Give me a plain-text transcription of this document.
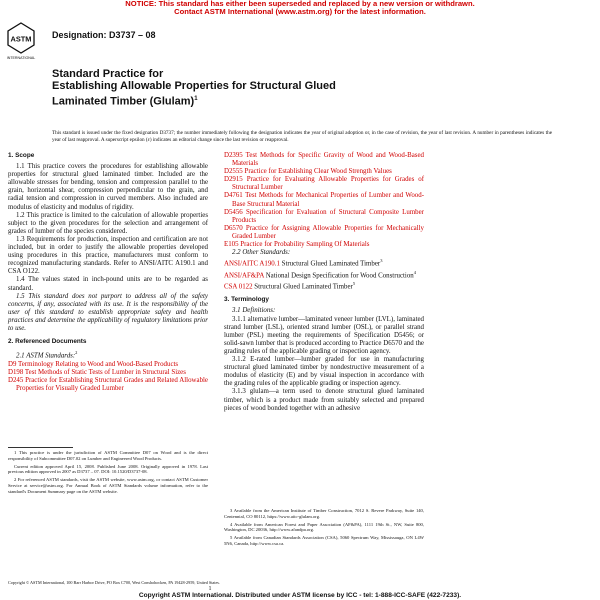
NOTICE: This standard has either been superseded and replaced by a new version or withdrawn.
Contact ASTM International (www.astm.org) for the latest information.
ASTM
INTERNATIONAL
Designation: D3737 – 08
Standard Practice for
Establishing Allowable Properties for Structural Glued
Laminated Timber (Glulam)$^1$
This standard is issued under the fixed designation D3737; the number immediately following the designation indicates the year of original adoption or, in the case of revision, the year of last revision. A number in parentheses indicates the year of last reapproval. A superscript epsilon (ε) indicates an editorial change since the last revision or reapproval.
1. Scope

1.1 This practice covers the procedures for establishing allowable properties for structural glued laminated timber. Included are the allowable stresses for bending, tension and compression parallel to the grain, horizontal shear, compression perpendicular to the grain, and radial tension and compression in curved members. Also included are modulus of elasticity and modulus of rigidity.

1.2 This practice is limited to the calculation of allowable properties subject to the given procedures for the selection and arrangement of grades of lumber of the species considered.

1.3 Requirements for production, inspection and certification are not included, but in order to justify the allowable properties developed using procedures in this practice, manufacturers must conform to recognized manufacturing standards. Refer to ANSI/AITC A190.1 and CSA O122.

1.4 The values stated in inch-pound units are to be regarded as standard.

1.5 This standard does not purport to address all of the safety concerns, if any, associated with its use. It is the responsibility of the user of this standard to establish appropriate safety and health practices and determine the applicability of regulatory limitations prior to use.

2. Referenced Documents

2.1 ASTM Standards:$^2$

D9 Terminology Relating to Wood and Wood-Based Products

D198 Test Methods of Static Tests of Lumber in Structural Sizes

D245 Practice for Establishing Structural Grades and Related Allowable Properties for Visually Graded Lumber

D2395 Test Methods for Specific Gravity of Wood and Wood-Based Materials

D2555 Practice for Establishing Clear Wood Strength Values

D2915 Practice for Evaluating Allowable Properties for Grades of Structural Lumber

D4761 Test Methods for Mechanical Properties of Lumber and Wood-Base Structural Material

D5456 Specification for Evaluation of Structural Composite Lumber Products

D6570 Practice for Assigning Allowable Properties for Mechanically Graded Lumber

E105 Practice for Probability Sampling Of Materials

2.2 Other Standards:

ANSI/AITC A190.1 Structural Glued Laminated Timber$^3$

ANSI/AF&PA National Design Specification for Wood Construction$^4$

CSA 0122 Structural Glued Laminated Timber$^5$

3. Terminology

3.1 Definitions:

3.1.1 alternative lumber—laminated veneer lumber (LVL), laminated strand lumber (LSL), oriented strand lumber (OSL), or parallel strand lumber (PSL) meeting the requirements of Specification D5456; or solid-sawn lumber that is produced according to Practice D6570 and the grading rules of the applicable grading or inspection agency.

3.1.2 E-rated lumber—lumber graded for use in manufacturing structural glued laminated timber by nondestructive measurement of a modulus of elasticity (E) and by visual inspection in accordance with the grading rules of the applicable grading or inspection agency.

3.1.3 glulam—a term used to denote structural glued laminated timber, which is a product made from suitably selected and prepared pieces of wood bonded together with an adhesive

1 This practice is under the jurisdiction of ASTM Committee D07 on Wood and is the direct responsibility of Subcommittee D07.02 on Lumber and Engineered Wood Products.

Current edition approved April 15, 2008. Published June 2008. Originally approved in 1978. Last previous edition approved in 2007 as D3737 – 07. DOI: 10.1520/D3737-08.

2 For referenced ASTM standards, visit the ASTM website, www.astm.org, or contact ASTM Customer Service at service@astm.org. For Annual Book of ASTM Standards volume information, refer to the standard's Document Summary page on the ASTM website.

3 Available from the American Institute of Timber Construction, 7012 S. Revere Parkway, Suite 140, Centennial, CO 80112, https://www.aitc-glulam.org.

4 Available from American Forest and Paper Association (AF&PA), 1111 19th St., NW, Suite 800, Washington, DC 20036, http://www.afandpa.org.

5 Available from Canadian Standards Association (CSA), 5060 Spectrum Way, Mississauga, ON L4W 5N6, Canada, http://www.csa.ca.

Copyright © ASTM International, 100 Barr Harbor Drive, PO Box C700, West Conshohocken, PA 19428-2959, United States.
1
Copyright ASTM International. Distributed under ASTM license by ICC - tel: 1-888-ICC-SAFE (422-7233).
